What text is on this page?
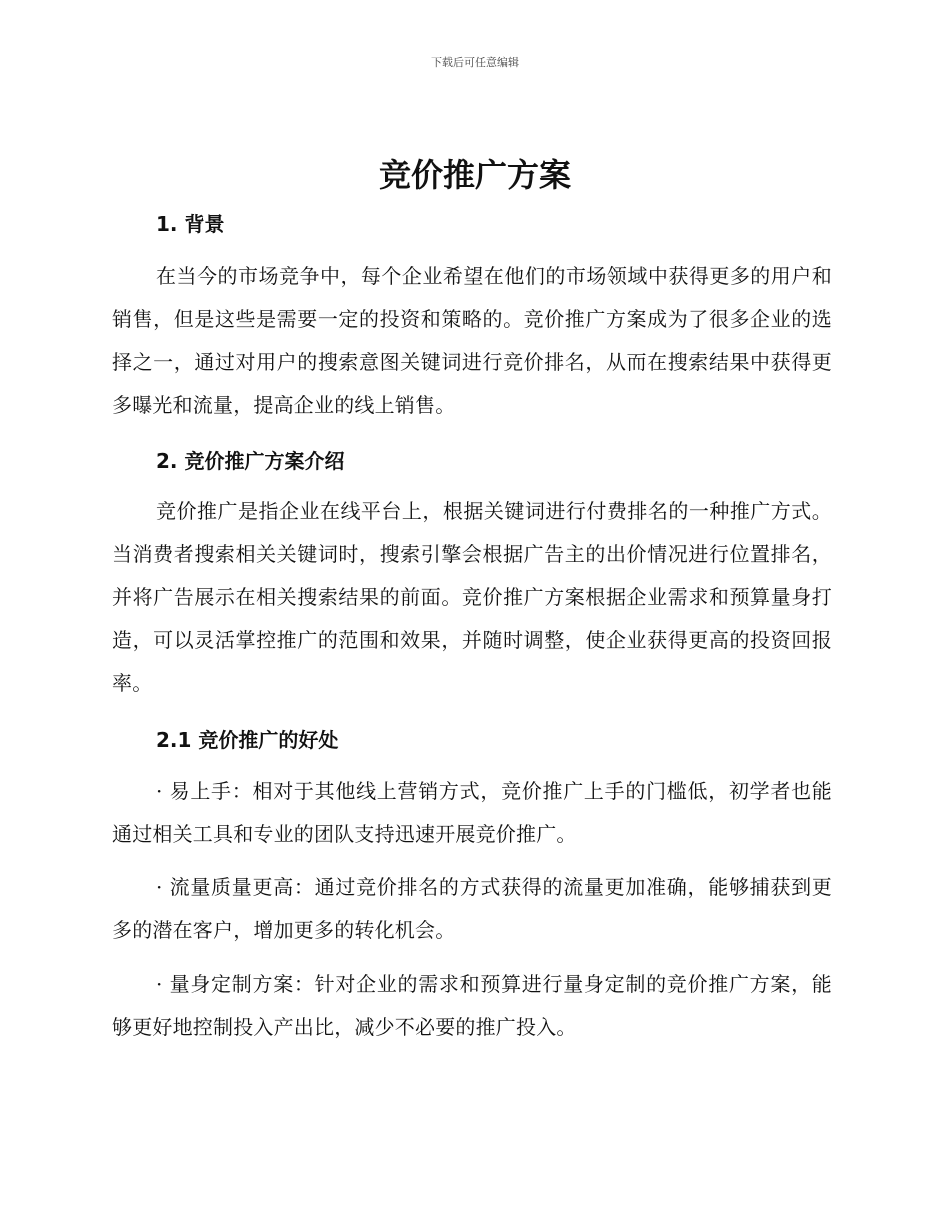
下载后可任意编辑
竞价推广方案
1. 背景

在当今的市场竞争中，每个企业希望在他们的市场领域中获得更多的用户和销售，但是这些是需要一定的投资和策略的。竞价推广方案成为了很多企业的选择之一，通过对用户的搜索意图关键词进行竞价排名，从而在搜索结果中获得更多曝光和流量，提高企业的线上销售。

2. 竞价推广方案介绍

竞价推广是指企业在线平台上，根据关键词进行付费排名的一种推广方式。当消费者搜索相关关键词时，搜索引擎会根据广告主的出价情况进行位置排名，并将广告展示在相关搜索结果的前面。竞价推广方案根据企业需求和预算量身打造，可以灵活掌控推广的范围和效果，并随时调整，使企业获得更高的投资回报率。

2.1 竞价推广的好处

· 易上手：相对于其他线上营销方式，竞价推广上手的门槛低，初学者也能通过相关工具和专业的团队支持迅速开展竞价推广。

· 流量质量更高：通过竞价排名的方式获得的流量更加准确，能够捕获到更多的潜在客户，增加更多的转化机会。

· 量身定制方案：针对企业的需求和预算进行量身定制的竞价推广方案，能够更好地控制投入产出比，减少不必要的推广投入。
